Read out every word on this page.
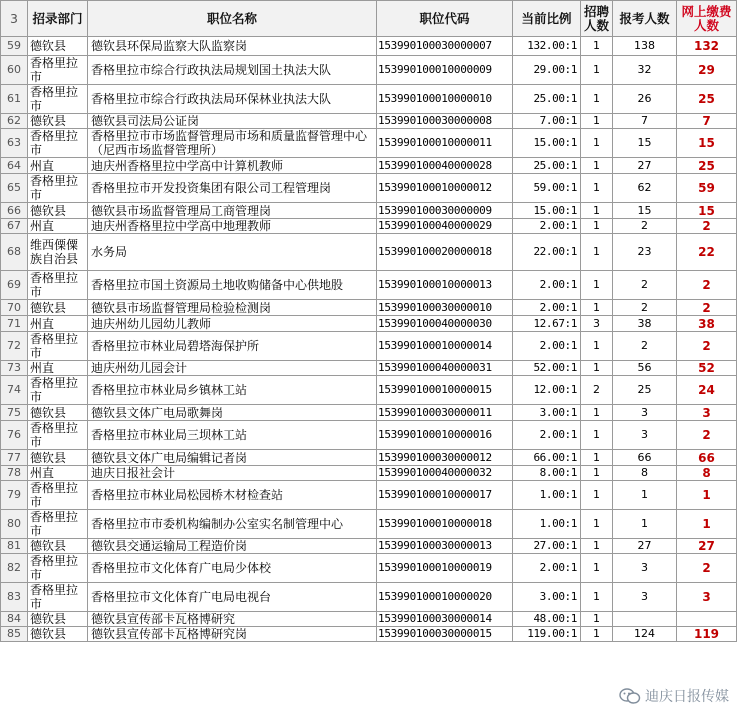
3	招录部门	职位名称	职位代码	当前比例	招聘人数	报考人数	网上缴费人数
59	德钦县	德钦县环保局监察大队监察岗	153990100030000007	132.00:1	1	138	132
60	香格里拉市	香格里拉市综合行政执法局规划国土执法大队	153990100010000009	29.00:1	1	32	29
61	香格里拉市	香格里拉市综合行政执法局环保林业执法大队	153990100010000010	25.00:1	1	26	25
62	德钦县	德钦县司法局公证岗	153990100030000008	7.00:1	1	7	7
63	香格里拉市	香格里拉市市场监督管理局市场和质量监督管理中心（尼西市场监督管理所）	153990100010000011	15.00:1	1	15	15
64	州直	迪庆州香格里拉中学高中计算机教师	153990100040000028	25.00:1	1	27	25
65	香格里拉市	香格里拉市开发投资集团有限公司工程管理岗	153990100010000012	59.00:1	1	62	59
66	德钦县	德钦县市场监督管理局工商管理岗	153990100030000009	15.00:1	1	15	15
67	州直	迪庆州香格里拉中学高中地理教师	153990100040000029	2.00:1	1	2	2
68	维西傈僳族自治县	水务局	153990100020000018	22.00:1	1	23	22
69	香格里拉市	香格里拉市国土资源局土地收购储备中心供地股	153990100010000013	2.00:1	1	2	2
70	德钦县	德钦县市场监督管理局检验检测岗	153990100030000010	2.00:1	1	2	2
71	州直	迪庆州幼儿园幼儿教师	153990100040000030	12.67:1	3	38	38
72	香格里拉市	香格里拉市林业局碧塔海保护所	153990100010000014	2.00:1	1	2	2
73	州直	迪庆州幼儿园会计	153990100040000031	52.00:1	1	56	52
74	香格里拉市	香格里拉市林业局乡镇林工站	153990100010000015	12.00:1	2	25	24
75	德钦县	德钦县文体广电局歌舞岗	153990100030000011	3.00:1	1	3	3
76	香格里拉市	香格里拉市林业局三坝林工站	153990100010000016	2.00:1	1	3	2
77	德钦县	德钦县文体广电局编辑记者岗	153990100030000012	66.00:1	1	66	66
78	州直	迪庆日报社会计	153990100040000032	8.00:1	1	8	8
79	香格里拉市	香格里拉市林业局松园桥木材检查站	153990100010000017	1.00:1	1	1	1
80	香格里拉市	香格里拉市市委机构编制办公室实名制管理中心	153990100010000018	1.00:1	1	1	1
81	德钦县	德钦县交通运输局工程造价岗	153990100030000013	27.00:1	1	27	27
82	香格里拉市	香格里拉市文化体育广电局少体校	153990100010000019	2.00:1	1	3	2
83	香格里拉市	香格里拉市文化体育广电局电视台	153990100010000020	3.00:1	1	3	3
84	德钦县	德钦县宣传部卡瓦格博研究	153990100030000014	48.00:1	1		
85	德钦县	德钦县宣传部卡瓦格博研究岗	153990100030000015	119.00:1	1	124	119
迪庆日报传媒
